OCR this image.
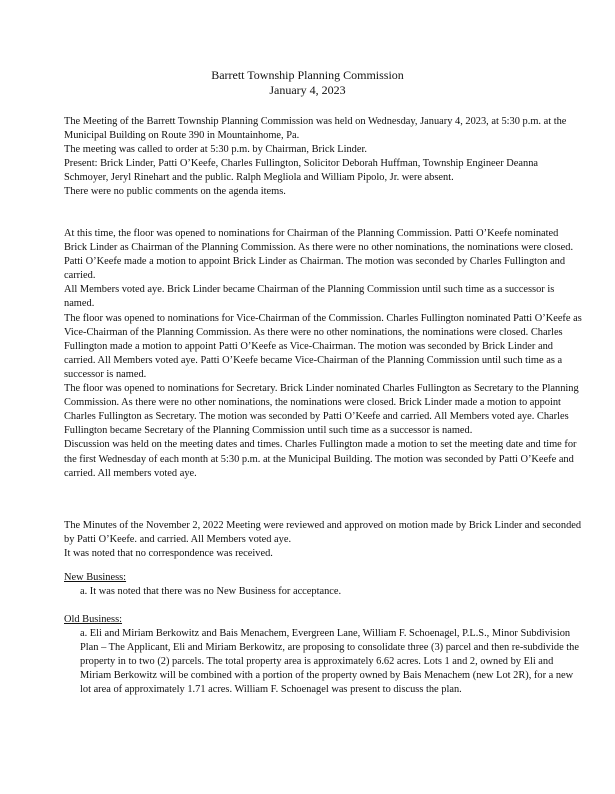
Barrett Township Planning Commission
January 4, 2023

The Meeting of the Barrett Township Planning Commission was held on Wednesday, January 4, 2023, at 5:30 p.m. at the Municipal Building on Route 390 in Mountainhome, Pa.

The meeting was called to order at 5:30 p.m. by Chairman, Brick Linder.

Present: Brick Linder, Patti O’Keefe, Charles Fullington, Solicitor Deborah Huffman, Township Engineer Deanna Schmoyer, Jeryl Rinehart and the public. Ralph Megliola and William Pipolo, Jr. were absent.

There were no public comments on the agenda items.

At this time, the floor was opened to nominations for Chairman of the Planning Commission. Patti O’Keefe nominated Brick Linder as Chairman of the Planning Commission. As there were no other nominations, the nominations were closed. Patti O’Keefe made a motion to appoint Brick Linder as Chairman. The motion was seconded by Charles Fullington and carried.

All Members voted aye. Brick Linder became Chairman of the Planning Commission until such time as a successor is named.

The floor was opened to nominations for Vice-Chairman of the Commission. Charles Fullington nominated Patti O’Keefe as Vice-Chairman of the Planning Commission. As there were no other nominations, the nominations were closed. Charles Fullington made a motion to appoint Patti O’Keefe as Vice-Chairman. The motion was seconded by Brick Linder and carried. All Members voted aye. Patti O’Keefe became Vice-Chairman of the Planning Commission until such time as a successor is named.

The floor was opened to nominations for Secretary. Brick Linder nominated Charles Fullington as Secretary to the Planning Commission. As there were no other nominations, the nominations were closed. Brick Linder made a motion to appoint Charles Fullington as Secretary. The motion was seconded by Patti O’Keefe and carried. All Members voted aye. Charles Fullington became Secretary of the Planning Commission until such time as a successor is named.

Discussion was held on the meeting dates and times. Charles Fullington made a motion to set the meeting date and time for the first Wednesday of each month at 5:30 p.m. at the Municipal Building. The motion was seconded by Patti O’Keefe and carried. All members voted aye.

The Minutes of the November 2, 2022 Meeting were reviewed and approved on motion made by Brick Linder and seconded by Patti O’Keefe. and carried. All Members voted aye.

It was noted that no correspondence was received.

New Business:

a. It was noted that there was no New Business for acceptance.

Old Business:

a. Eli and Miriam Berkowitz and Bais Menachem, Evergreen Lane, William F. Schoenagel, P.L.S., Minor Subdivision Plan – The Applicant, Eli and Miriam Berkowitz, are proposing to consolidate three (3) parcel and then re-subdivide the property in to two (2) parcels. The total property area is approximately 6.62 acres. Lots 1 and 2, owned by Eli and Miriam Berkowitz will be combined with a portion of the property owned by Bais Menachem (new Lot 2R), for a new lot area of approximately 1.71 acres. William F. Schoenagel was present to discuss the plan.
